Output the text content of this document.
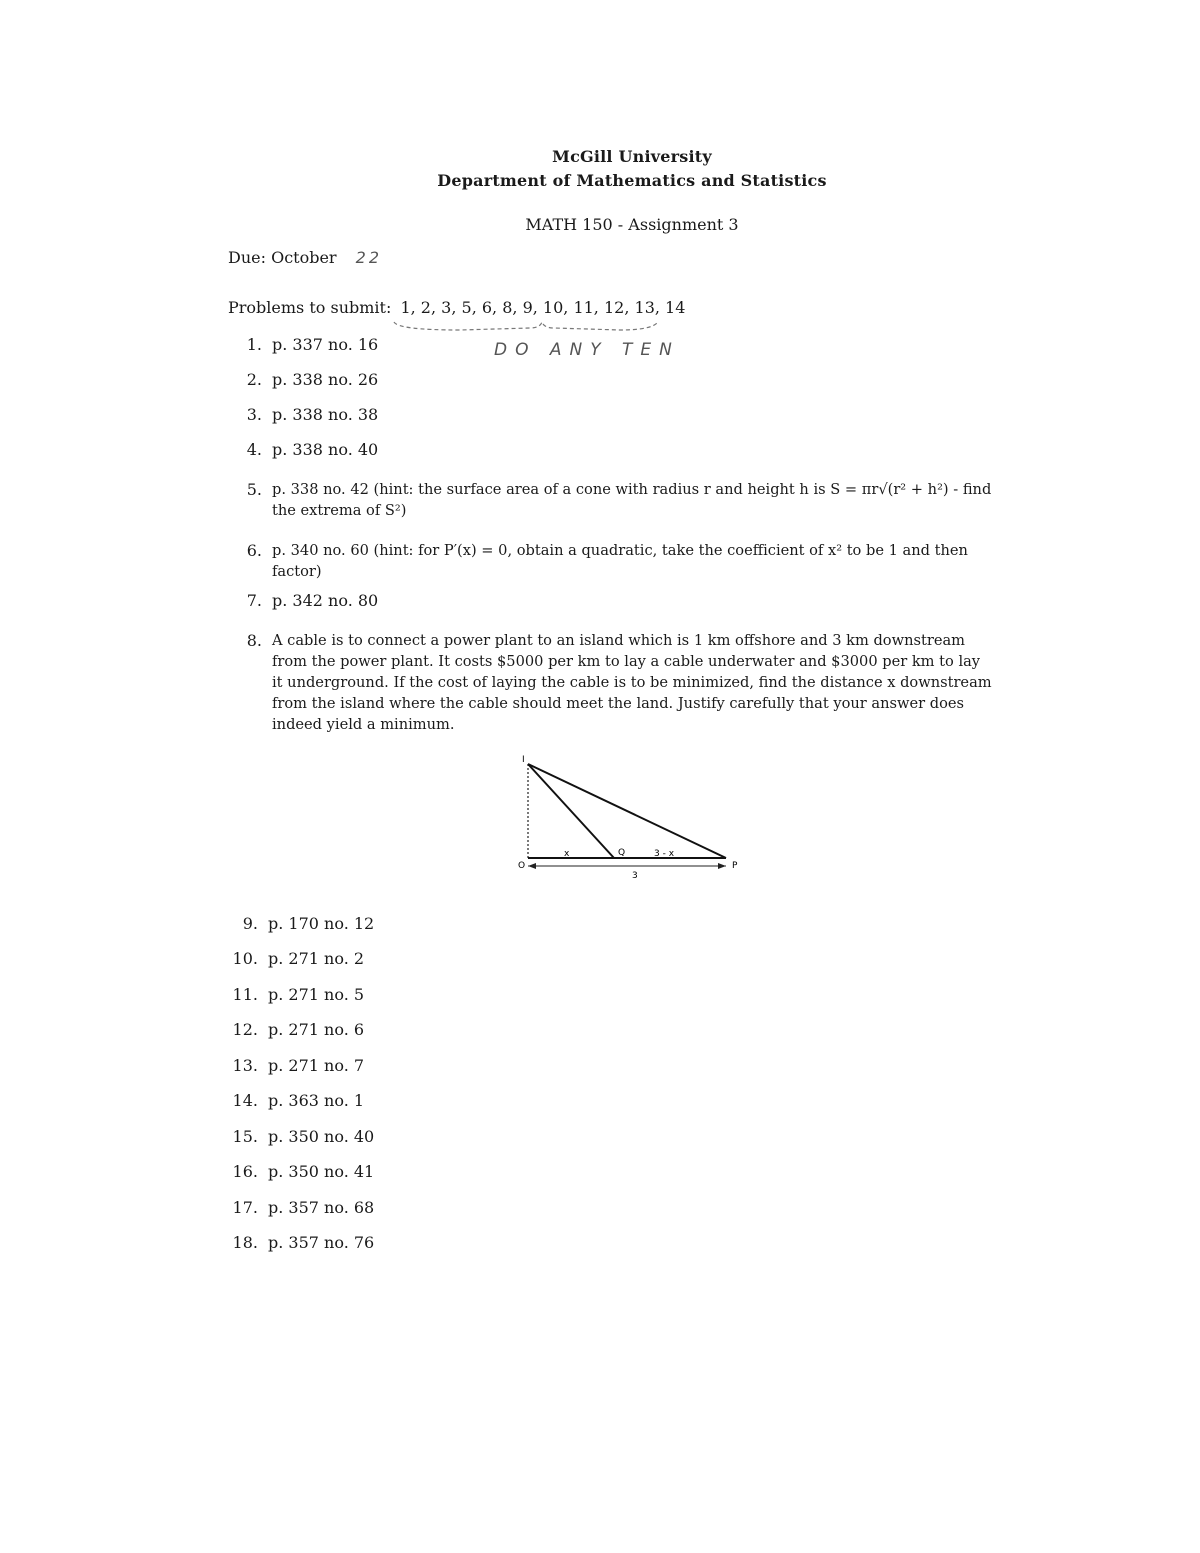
McGill University
Department of Mathematics and Statistics
MATH 150 - Assignment 3
Due: October 22
Problems to submit: 1, 2, 3, 5, 6, 8, 9, 10, 11, 12, 13, 14
DO ANY TEN
1. p. 337 no. 16
2. p. 338 no. 26
3. p. 338 no. 38
4. p. 338 no. 40
5. p. 338 no. 42 (hint: the surface area of a cone with radius r and height h is S = πr√(r² + h²) - find
the extrema of S²)
6. p. 340 no. 60 (hint: for P′(x) = 0, obtain a quadratic, take the coefficient of x² to be 1 and then
factor)
7. p. 342 no. 80
8. A cable is to connect a power plant to an island which is 1 km offshore and 3 km downstream
from the power plant. It costs $5000 per km to lay a cable underwater and $3000 per km to lay
it underground. If the cost of laying the cable is to be minimized, find the distance x downstream
from the island where the cable should meet the land. Justify carefully that your answer does
indeed yield a minimum.
I
O
Q
P
x	3 - x
3
9. p. 170 no. 12
10. p. 271 no. 2
11. p. 271 no. 5
12. p. 271 no. 6
13. p. 271 no. 7
14. p. 363 no. 1
15. p. 350 no. 40
16. p. 350 no. 41
17. p. 357 no. 68
18. p. 357 no. 76
